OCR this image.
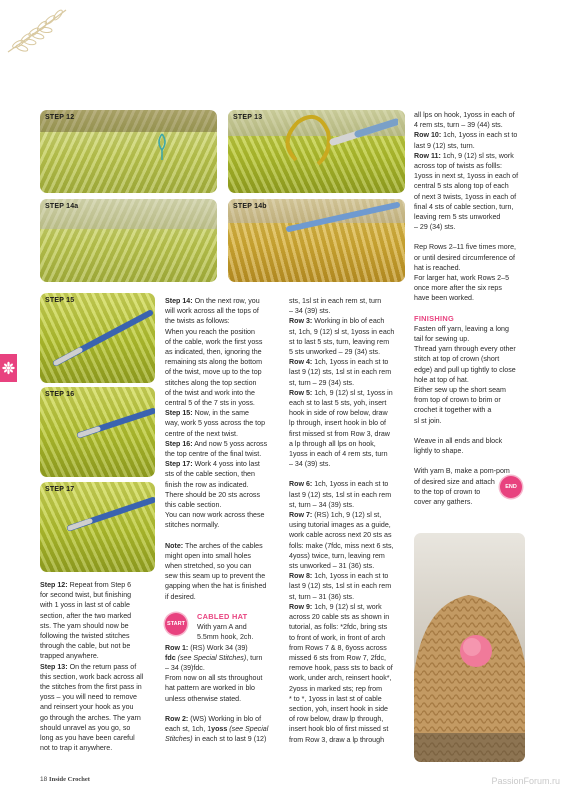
STEP 12	STEP 13
STEP 14a	STEP 14b
STEP 15
STEP 16
STEP 17

Step 12: Repeat from Step 6

for second twist, but finishing

with 1 yoss in last st of cable

section, after the two marked

sts. The yarn should now be

following the twisted stitches

through the cable, but not be

trapped anywhere.

Step 13: On the return pass of

this section, work back across all

the stitches from the first pass in

yoss – you will need to remove

and reinsert your hook as you

go through the arches. The yarn

should unravel as you go, so

long as you have been careful

not to trap it anywhere.

Step 14: On the next row, you

will work across all the tops of

the twists as follows:

When you reach the position

of the cable, work the first yoss

as indicated, then, ignoring the

remaining sts along the bottom

of the twist, move up to the top

stitches along the top section

of the twist and work into the

central 5 of the 7 sts in yoss.

Step 15: Now, in the same

way, work 5 yoss across the top

centre of the next twist.

Step 16: And now 5 yoss across

the top centre of the final twist.

Step 17: Work 4 yoss into last

sts of the cable section, then

finish the row as indicated.

There should be 20 sts across

this cable section.

You can now work across these

stitches normally.

Note: The arches of the cables

might open into small holes

when stretched, so you can

sew this seam up to prevent the

gapping when the hat is finished

if desired.

START

CABLED HAT

With yarn A and

5.5mm hook, 2ch.

Row 1: (RS) Work 34 (39)

fdc (see Special Stitches), turn

– 34 (39)fdc.

From now on all sts throughout

hat pattern are worked in blo

unless otherwise stated.

Row 2: (WS) Working in blo of

each st, 1ch, 1yoss (see Special

Stitches) in each st to last 9 (12)

sts, 1sl st in each rem st, turn

– 34 (39) sts.

Row 3: Working in blo of each

st, 1ch, 9 (12) sl st, 1yoss in each

st to last 5 sts, turn, leaving rem

5 sts unworked – 29 (34) sts.

Row 4: 1ch, 1yoss in each st to

last 9 (12) sts, 1sl st in each rem

st, turn – 29 (34) sts.

Row 5: 1ch, 9 (12) sl st, 1yoss in

each st to last 5 sts, yoh, insert

hook in side of row below, draw

lp through, insert hook in blo of

first missed st from Row 3, draw

a lp through all lps on hook,

1yoss in each of 4 rem sts, turn

– 34 (39) sts.

Row 6: 1ch, 1yoss in each st to

last 9 (12) sts, 1sl st in each rem

st, turn – 34 (39) sts.

Row 7: (RS) 1ch, 9 (12) sl st,

using tutorial images as a guide,

work cable across next 20 sts as

folls: make (7fdc, miss next 6 sts,

4yoss) twice, turn, leaving rem

sts unworked – 31 (36) sts.

Row 8: 1ch, 1yoss in each st to

last 9 (12) sts, 1sl st in each rem

st, turn – 31 (36) sts.

Row 9: 1ch, 9 (12) sl st, work

across 20 cable sts as shown in

tutorial, as folls: *2fdc, bring sts

to front of work, in front of arch

from Rows 7 & 8, 6yoss across

missed 6 sts from Row 7, 2fdc,

remove hook, pass sts to back of

work, under arch, reinsert hook*,

2yoss in marked sts; rep from

* to *, 1yoss in last st of cable

section, yoh, insert hook in side

of row below, draw lp through,

insert hook blo of first missed st

from Row 3, draw a lp through

all lps on hook, 1yoss in each of

4 rem sts, turn – 39 (44) sts.

Row 10: 1ch, 1yoss in each st to

last 9 (12) sts, turn.

Row 11: 1ch, 9 (12) sl sts, work

across top of twists as follls:

1yoss in next st, 1yoss in each of

central 5 sts along top of each

of next 3 twists, 1yoss in each of

final 4 sts of cable section, turn,

leaving rem 5 sts unworked

– 29 (34) sts.

Rep Rows 2–11 five times more,

or until desired circumference of

hat is reached.

For larger hat, work Rows 2–5

once more after the six reps

have been worked.

FINISHING

Fasten off yarn, leaving a long

tail for sewing up.

Thread yarn through every other

stitch at top of crown (short

edge) and pull up tightly to close

hole at top of hat.

Either sew up the short seam

from top of crown to brim or

crochet it together with a

sl st join.

Weave in all ends and block

lightly to shape.

With yarn B, make a pom-pom

of desired size and attach

to the top of crown to

cover any gathers.

END
18 Inside Crochet	PassionForum.ru
